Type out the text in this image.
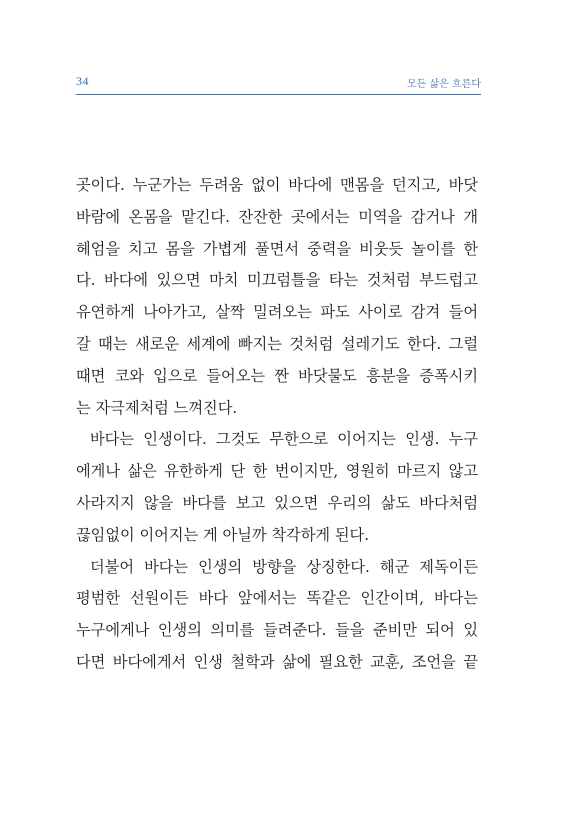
34	모든 삶은 흐른다
곳이다. 누군가는 두려움 없이 바다에 맨몸을 던지고, 바닷
바람에 온몸을 맡긴다. 잔잔한 곳에서는 미역을 감거나 개
헤엄을 치고 몸을 가볍게 풀면서 중력을 비웃듯 놀이를 한
다. 바다에 있으면 마치 미끄럼틀을 타는 것처럼 부드럽고
유연하게 나아가고, 살짝 밀려오는 파도 사이로 감겨 들어
갈 때는 새로운 세계에 빠지는 것처럼 설레기도 한다. 그럴
때면 코와 입으로 들어오는 짠 바닷물도 흥분을 증폭시키
는 자극제처럼 느껴진다.
바다는 인생이다. 그것도 무한으로 이어지는 인생. 누구
에게나 삶은 유한하게 단 한 번이지만, 영원히 마르지 않고
사라지지 않을 바다를 보고 있으면 우리의 삶도 바다처럼
끊임없이 이어지는 게 아닐까 착각하게 된다.
더불어 바다는 인생의 방향을 상징한다. 해군 제독이든
평범한 선원이든 바다 앞에서는 똑같은 인간이며, 바다는
누구에게나 인생의 의미를 들려준다. 들을 준비만 되어 있
다면 바다에게서 인생 철학과 삶에 필요한 교훈, 조언을 끝
